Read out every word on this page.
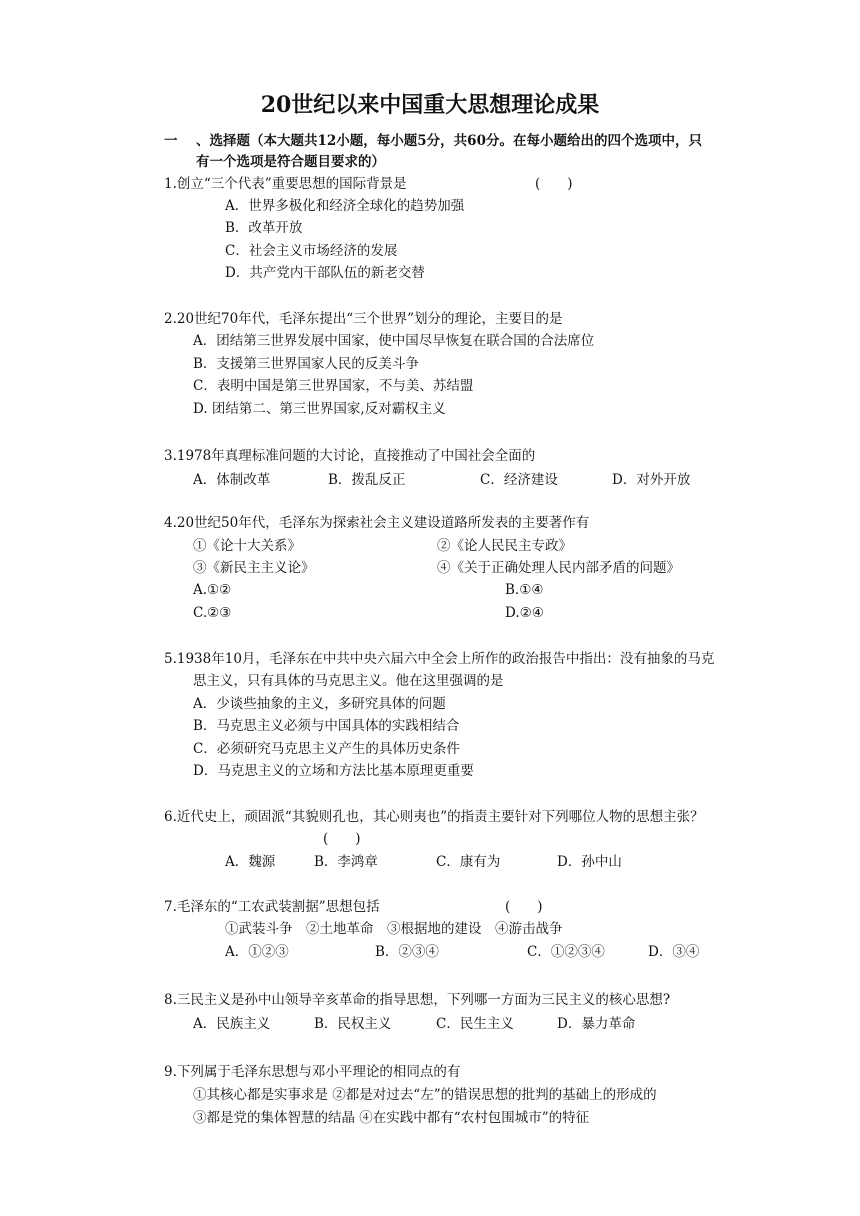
20世纪以来中国重大思想理论成果
一 、选择题（本大题共12小题，每小题5分，共60分。在每小题给出的四个选项中，只
有一个选项是符合题目要求的）
1.创立“三个代表”重要思想的国际背景是	(　　)
A．世界多极化和经济全球化的趋势加强
B．改革开放
C．社会主义市场经济的发展
D．共产党内干部队伍的新老交替
2.20世纪70年代，毛泽东提出“三个世界”划分的理论，主要目的是
A．团结第三世界发展中国家，使中国尽早恢复在联合国的合法席位
B．支援第三世界国家人民的反美斗争
C．表明中国是第三世界国家，不与美、苏结盟
D. 团结第二、第三世界国家,反对霸权主义
3.1978年真理标准问题的大讨论，直接推动了中国社会全面的
A．体制改革	B．拨乱反正	C．经济建设	D．对外开放
4.20世纪50年代，毛泽东为探索社会主义建设道路所发表的主要著作有
①《论十大关系》	②《论人民民主专政》
③《新民主主义论》	④《关于正确处理人民内部矛盾的问题》
A.①②	B.①④
C.②③	D.②④
5.1938年10月，毛泽东在中共中央六届六中全会上所作的政治报告中指出：没有抽象的马克
思主义，只有具体的马克思主义。他在这里强调的是
A．少谈些抽象的主义，多研究具体的问题
B．马克思主义必须与中国具体的实践相结合
C．必须研究马克思主义产生的具体历史条件
D．马克思主义的立场和方法比基本原理更重要
6.近代史上，顽固派“其貌则孔也，其心则夷也”的指责主要针对下列哪位人物的思想主张？
(　　)
A．魏源	B．李鸿章	C．康有为	D．孙中山
7.毛泽东的“工农武装割据”思想包括	(　　)
①武装斗争　②土地革命　③根据地的建设　④游击战争
A．①②③	B．②③④	C．①②③④	D．③④
8.三民主义是孙中山领导辛亥革命的指导思想，下列哪一方面为三民主义的核心思想?
A．民族主义	B．民权主义	C．民生主义	D．暴力革命
9.下列属于毛泽东思想与邓小平理论的相同点的有
①其核心都是实事求是 ②都是对过去“左”的错误思想的批判的基础上的形成的
③都是党的集体智慧的结晶 ④在实践中都有“农村包围城市”的特征
